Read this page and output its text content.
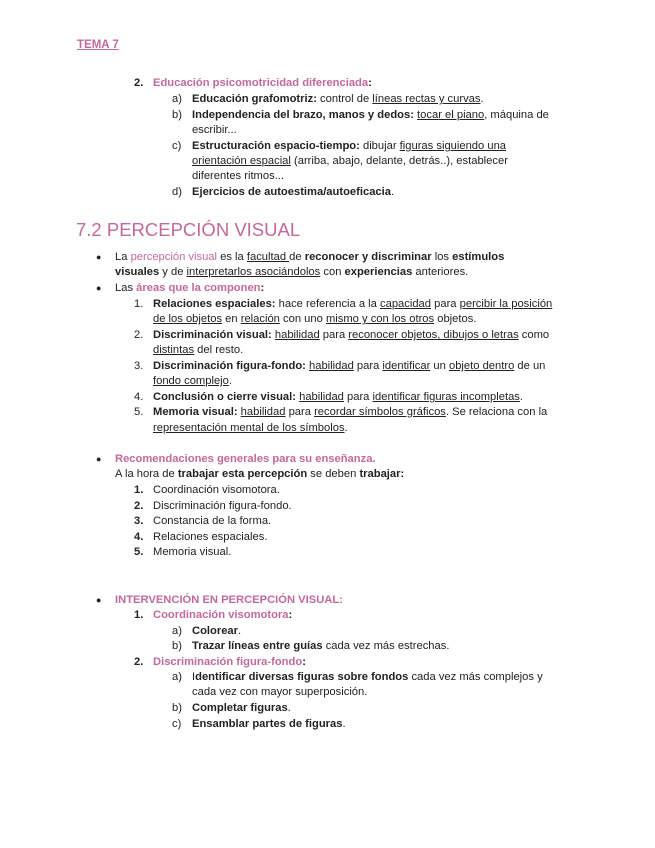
TEMA 7
2. Educación psicomotricidad diferenciada:
a) Educación grafomotriz: control de líneas rectas y curvas.
b) Independencia del brazo, manos y dedos: tocar el piano, máquina de
escribir...
c) Estructuración espacio-tiempo: dibujar figuras siguiendo una
orientación espacial (arriba, abajo, delante, detrás..), establecer
diferentes ritmos...
d) Ejercicios de autoestima/autoeficacia.
7.2 PERCEPCIÓN VISUAL
● La percepción visual es la facultad de reconocer y discriminar los estímulos
visuales y de interpretarlos asociándolos con experiencias anteriores.
● Las áreas que la componen:
1. Relaciones espaciales: hace referencia a la capacidad para percibir la posición
de los objetos en relación con uno mismo y con los otros objetos.
2. Discriminación visual: habilidad para reconocer objetos, dibujos o letras como
distintas del resto.
3. Discriminación figura-fondo: habilidad para identificar un objeto dentro de un
fondo complejo.
4. Conclusión o cierre visual: habilidad para identificar figuras incompletas.
5. Memoria visual: habilidad para recordar símbolos gráficos. Se relaciona con la
representación mental de los símbolos.
● Recomendaciones generales para su enseñanza.
A la hora de trabajar esta percepción se deben trabajar:
1. Coordinación visomotora.
2. Discriminación figura-fondo.
3. Constancia de la forma.
4. Relaciones espaciales.
5. Memoria visual.
● INTERVENCIÓN EN PERCEPCIÓN VISUAL:
1. Coordinación visomotora:
a) Colorear.
b) Trazar líneas entre guías cada vez más estrechas.
2. Discriminación figura-fondo:
a) Identificar diversas figuras sobre fondos cada vez más complejos y
cada vez con mayor superposición.
b) Completar figuras.
c) Ensamblar partes de figuras.
